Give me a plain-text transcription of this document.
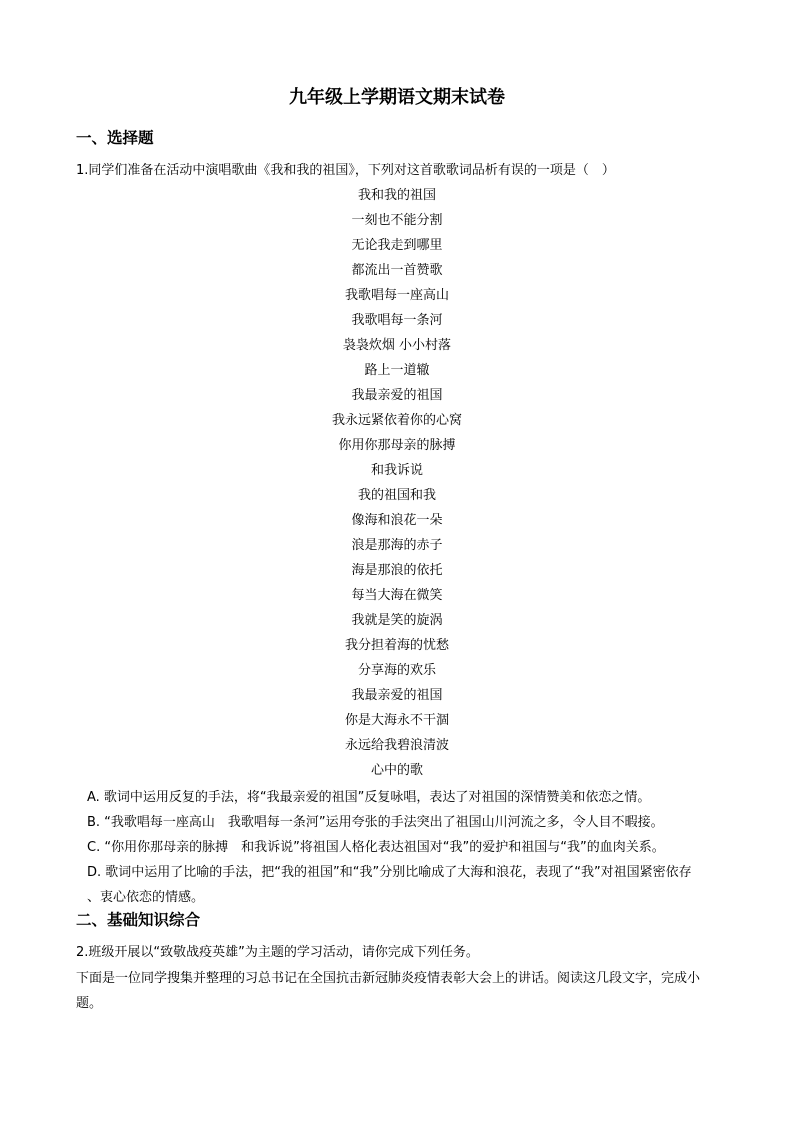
九年级上学期语文期末试卷
一、选择题
1.同学们准备在活动中演唱歌曲《我和我的祖国》，下列对这首歌歌词品析有误的一项是（　）
我和我的祖国
一刻也不能分割
无论我走到哪里
都流出一首赞歌
我歌唱每一座高山
我歌唱每一条河
袅袅炊烟 小小村落
路上一道辙
我最亲爱的祖国
我永远紧依着你的心窝
你用你那母亲的脉搏
和我诉说
我的祖国和我
像海和浪花一朵
浪是那海的赤子
海是那浪的依托
每当大海在微笑
我就是笑的旋涡
我分担着海的忧愁
分享海的欢乐
我最亲爱的祖国
你是大海永不干涸
永远给我碧浪清波
心中的歌
A. 歌词中运用反复的手法，将“我最亲爱的祖国”反复咏唱，表达了对祖国的深情赞美和依恋之情。
B. “我歌唱每一座高山　我歌唱每一条河”运用夸张的手法突出了祖国山川河流之多，令人目不暇接。
C. “你用你那母亲的脉搏　和我诉说”将祖国人格化表达祖国对“我”的爱护和祖国与“我”的血肉关系。
D. 歌词中运用了比喻的手法，把“我的祖国”和“我”分别比喻成了大海和浪花，表现了“我”对祖国紧密依存
、衷心依恋的情感。
二、基础知识综合
2.班级开展以“致敬战疫英雄”为主题的学习活动，请你完成下列任务。
下面是一位同学搜集并整理的习总书记在全国抗击新冠肺炎疫情表彰大会上的讲话。阅读这几段文字，完成小题。
